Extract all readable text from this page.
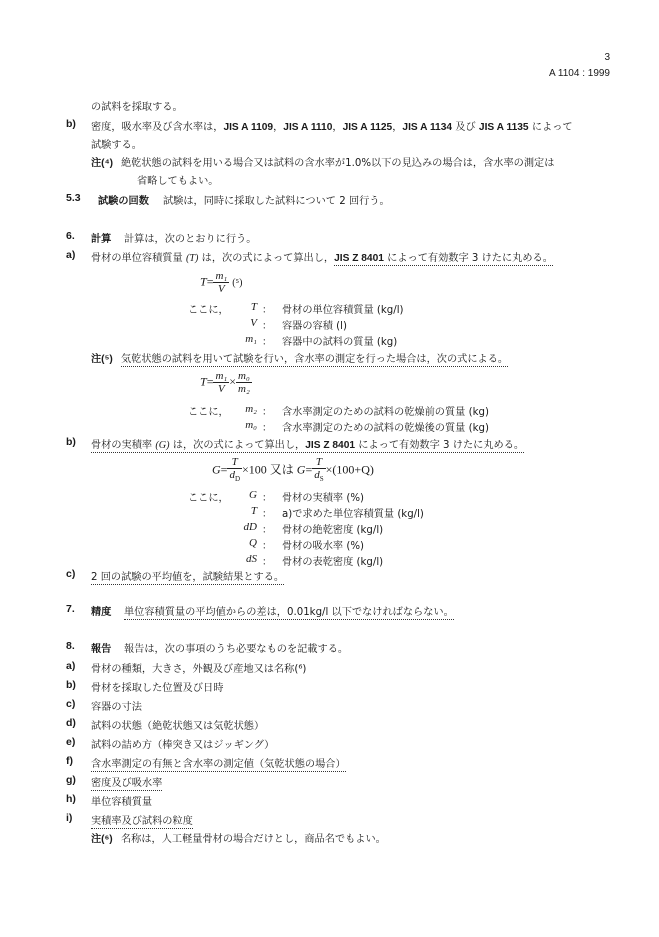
3
A 1104 : 1999
の試料を採取する。
b) 密度，吸水率及び含水率は，JIS A 1109，JIS A 1110，JIS A 1125，JIS A 1134 及び JIS A 1135 によって
試験する。
注(⁴) 絶乾状態の試料を用いる場合又は試料の含水率が1.0%以下の見込みの場合は，含水率の測定は
省略してもよい。
5.3 試験の回数 試験は，同時に採取した試料について 2 回行う。
6. 計算 計算は，次のとおりに行う。
a) 骨材の単位容積質量 (T) は，次の式によって算出し，JIS Z 8401 によって有効数字 3 けたに丸める。
$T= \frac{\text{m₁}}{V} (^5)$
ここに，	T ： 骨材の単位容積質量 (kg/l)
V ： 容器の容積 (l)
m₁ ： 容器中の試料の質量 (kg)
注(⁵) 気乾状態の試料を用いて試験を行い，含水率の測定を行った場合は，次の式による。
$T= \frac{\text{m₁}}{V} \times \frac{\text{m₀}}{\text{m₂}}$
ここに，	m₂ ： 含水率測定のための試料の乾燥前の質量 (kg)
m₀ ： 含水率測定のための試料の乾燥後の質量 (kg)
b) 骨材の実積率 (G) は，次の式によって算出し，JIS Z 8401 によって有効数字 3 けたに丸める。
$G= \frac{T}{d_D} \times 100$ 又は $G= \frac{T}{d_S} \times(100+Q)$
ここに，	G ： 骨材の実積率 (%)
T ： a)で求めた単位容積質量 (kg/l)
dD ： 骨材の絶乾密度 (kg/l)
Q ： 骨材の吸水率 (%)
dS ： 骨材の表乾密度 (kg/l)
c) 2 回の試験の平均値を，試験結果とする。
7. 精度 単位容積質量の平均値からの差は，0.01kg/l 以下でなければならない。
8. 報告 報告は，次の事項のうち必要なものを記載する。
a) 骨材の種類，大きさ，外観及び産地又は名称(⁶)
b) 骨材を採取した位置及び日時
c) 容器の寸法
d) 試料の状態（絶乾状態又は気乾状態）
e) 試料の詰め方（棒突き又はジッギング）
f) 含水率測定の有無と含水率の測定値（気乾状態の場合）
g) 密度及び吸水率
h) 単位容積質量
i) 実積率及び試料の粒度
注(⁶) 名称は，人工軽量骨材の場合だけとし，商品名でもよい。
